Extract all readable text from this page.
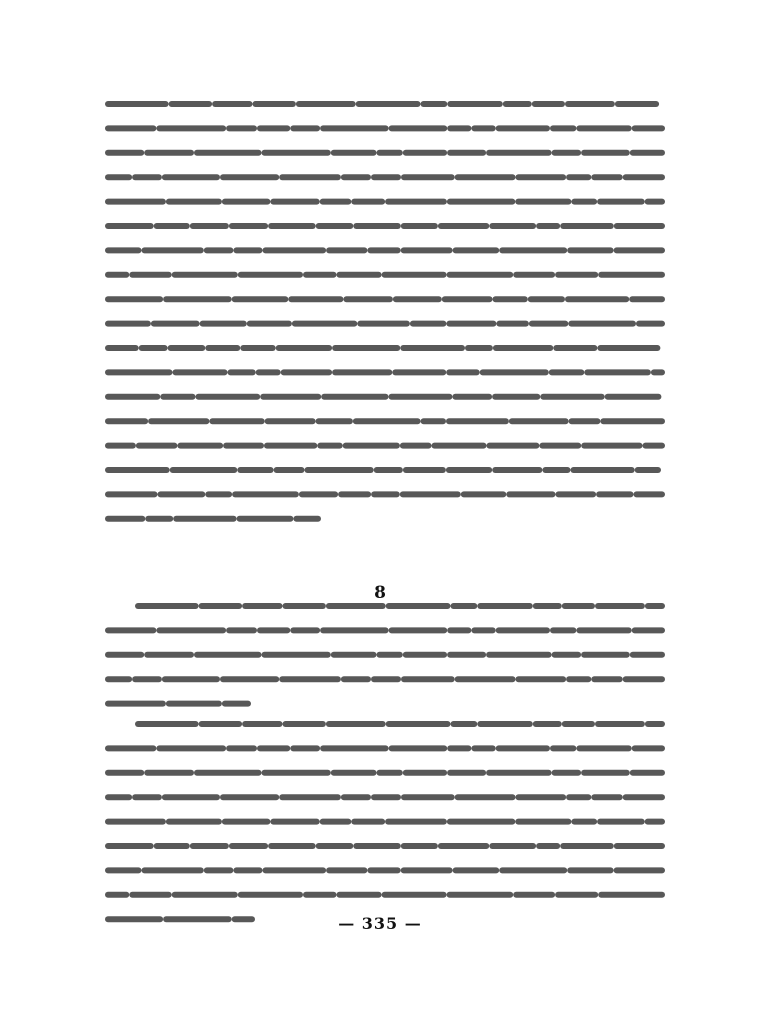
8
— 335 —
